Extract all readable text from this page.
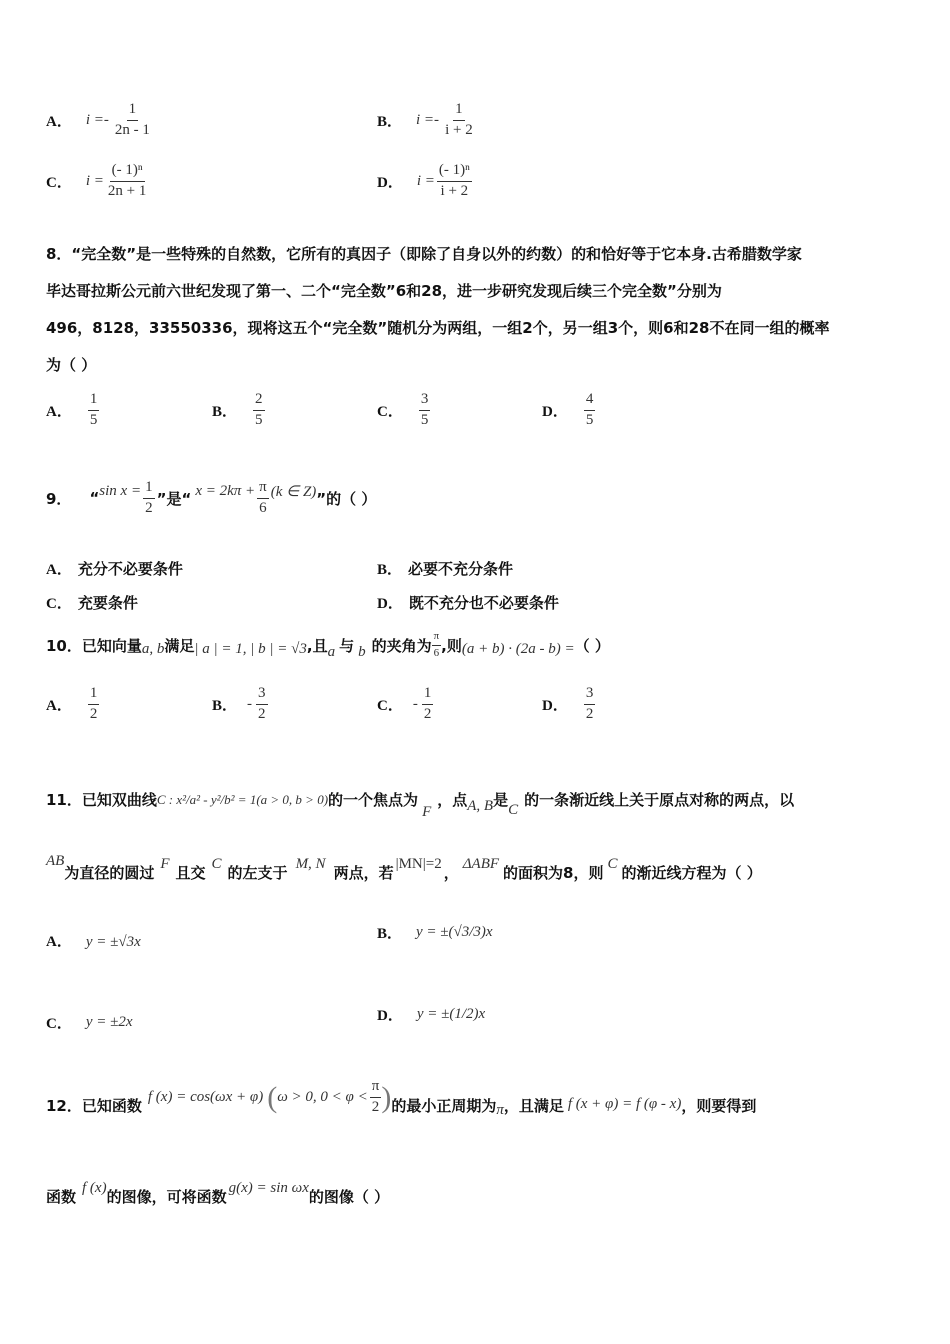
A． $i =- \frac{1}{2n - 1}$	B． $i =- \frac{1}{i + 2}$
C． $i = \frac{\text{(- 1)ⁿ}}{2n + 1}$	D． $i = \frac{\text{(- 1)ⁿ}}{i + 2}$
8．“完全数”是一些特殊的自然数，它所有的真因子（即除了自身以外的约数）的和恰好等于它本身.古希腊数学家
毕达哥拉斯公元前六世纪发现了第一、二个“完全数”6和28，进一步研究发现后续三个完全数”分别为
496，8128，33550336，现将这五个“完全数”随机分为两组，一组2个，另一组3个，则6和28不在同一组的概率
为（ ）
A． $\frac{1}{5}$	B． $\frac{2}{5}$	C． $\frac{3}{5}$	D． $\frac{4}{5}$
9． “ $\sin x = \frac{1}{2}$ ”是“ $x = 2k\pi + \frac{\pi}{6} (k$ ∈ Z) ”的（ ）
A． 充分不必要条件	B． 必要不充分条件
C． 充要条件	D． 既不充分也不必要条件
10．已知向量 a, b 满足 | a | = 1, | b | = √3 ,且 a 与 b 的夹角为 $\frac{\pi}{6}$ ,则 (a + b) · (2a - b) = （ ）
A． $\frac{1}{2}$	B． - $\frac{3}{2}$	C． - $\frac{1}{2}$	D． $\frac{3}{2}$
11．已知双曲线 C : x²/a² - y²/b² = 1(a > 0, b > 0) 的一个焦点为
F
，点 A, B 是
C
的一条渐近线上关于原点对称的两点，以
AB
为直径的圆过 F 且交 C 的左支于 M, N 两点，若 |MN|=2 ， ΔABF 的面积为8，则 C 的渐近线方程为（ ）
A． y = ±√3x	B． y = ±(√3/3)x
C． y = ±2x	D． y = ±(1/2)x
12．已知函数 f (x) = cos(ωx + φ) ( ω > 0, $0 < \varphi < \frac{\pi}{2}$ ) 的最小正周期为 π ，且满足 f (x + φ) = f (φ - x) ，则要得到
函数 f (x) 的图像，可将函数 g(x) = sin ωx 的图像（ ）
